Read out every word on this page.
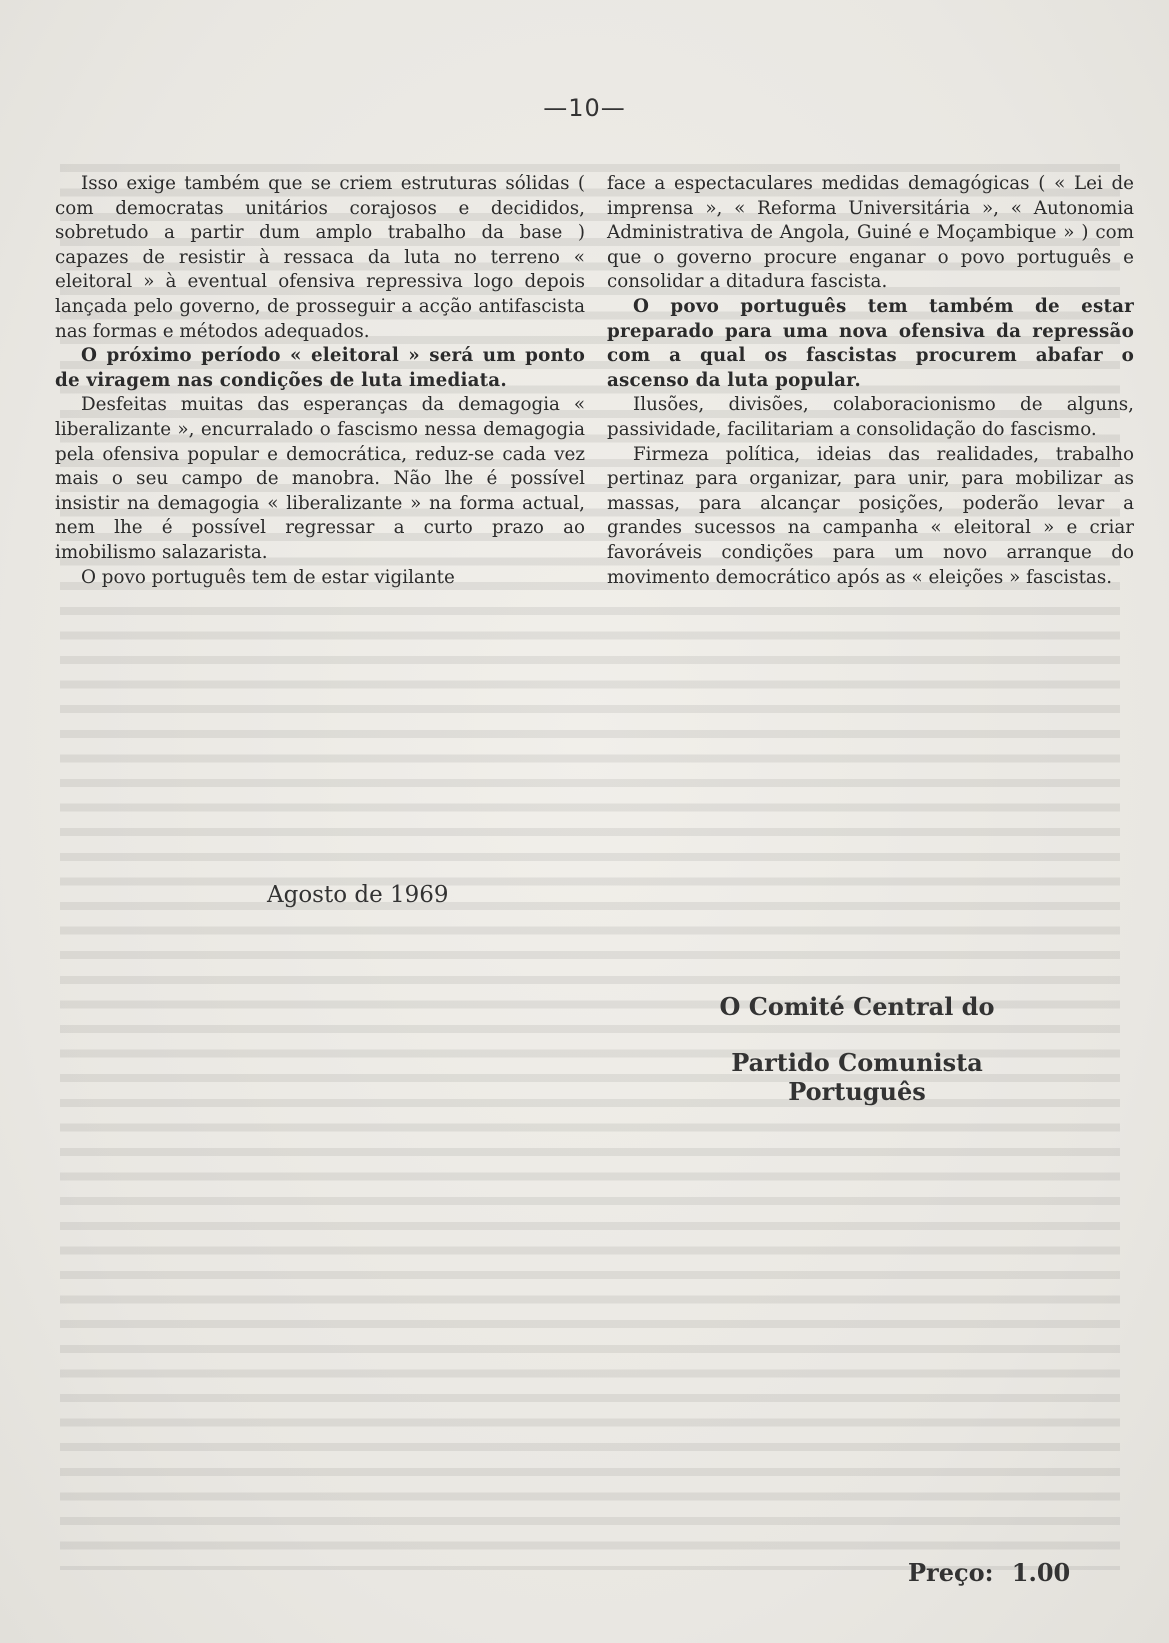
—10—

Isso exige também que se criem estruturas sólidas ( com democratas unitários corajosos e decididos, sobretudo a partir dum amplo trabalho da base ) capazes de resistir à ressaca da luta no terreno « eleitoral » à eventual ofensiva repressiva logo depois lançada pelo governo, de prosseguir a acção antifascista nas formas e métodos adequados.

O próximo período « eleitoral » será um ponto de viragem nas condições de luta imediata.

Desfeitas muitas das esperanças da demagogia « liberalizante », encurralado o fascismo nessa demagogia pela ofensiva popular e democrática, reduz-se cada vez mais o seu campo de manobra. Não lhe é possível insistir na demagogia « liberalizante » na forma actual, nem lhe é possível regressar a curto prazo ao imobilismo salazarista.

O povo português tem de estar vigilante

face a espectaculares medidas demagógicas ( « Lei de imprensa », « Reforma Universitária », « Autonomia Administrativa de Angola, Guiné e Moçambique » ) com que o governo procure enganar o povo português e consolidar a ditadura fascista.

O povo português tem também de estar preparado para uma nova ofensiva da repressão com a qual os fascistas procurem abafar o ascenso da luta popular.

Ilusões, divisões, colaboracionismo de alguns, passividade, facilitariam a consolidação do fascismo.

Firmeza política, ideias das realidades, trabalho pertinaz para organizar, para unir, para mobilizar as massas, para alcançar posições, poderão levar a grandes sucessos na campanha « eleitoral » e criar favoráveis condições para um novo arranque do movimento democrático após as « eleições » fascistas.

Agosto de 1969
O Comité Central do
Partido Comunista Português
Preço: 1.00
